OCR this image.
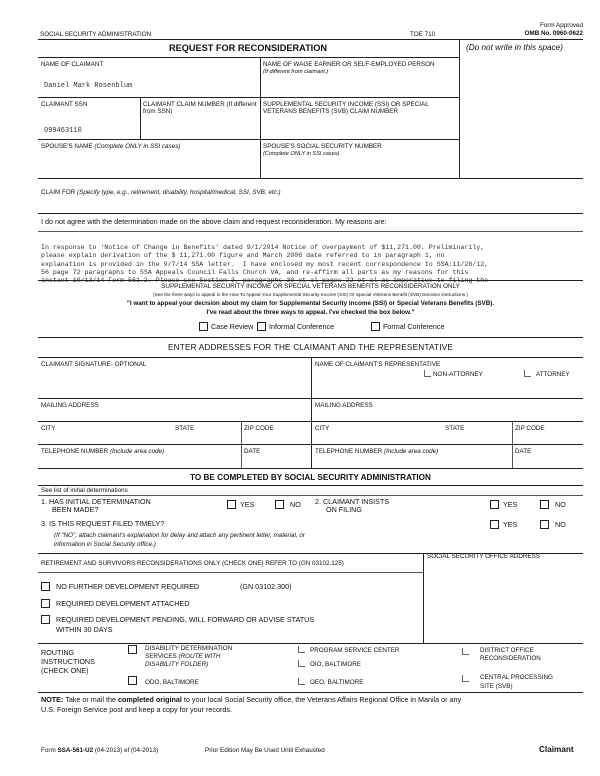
SOCIAL SECURITY ADMINISTRATION	TOE 710
Form Approved
OMB No. 0960-0622
REQUEST FOR RECONSIDERATION	(Do not write in this space)
NAME OF CLAIMANT
Daniel Mark Rosenblum
NAME OF WAGE EARNER OR SELF-EMPLOYED PERSON
(If different from claimant.)
CLAIMANT SSN
099463110
CLAIMANT CLAIM NUMBER (If different from SSN)
SUPPLEMENTAL SECURITY INCOME (SSI) OR SPECIAL VETERANS BENEFITS (SVB) CLAIM NUMBER
SPOUSE'S NAME (Complete ONLY in SSI cases)	SPOUSE'S SOCIAL SECURITY NUMBER
(Complete ONLY in SSI cases)
CLAIM FOR (Specify type, e.g., retirement, disability, hospital/medical, SSI, SVB, etc.)
I do not agree with the determination made on the above claim and request reconsideration. My reasons are:

In response to 'Notice of Change in Benefits' dated 9/1/2014 Notice of overpayment of $11,271.00. Preliminarily,
please explain derivation of the $ 11,271.00 figure and March 2006 date referred to in paragraph 1, no
explanation is provided in the 9/7/14 SSA letter.  I have enclosed my most recent correspondence to SSA:11/28/12,
56 page 72 paragraphs to SSA Appeals Council Falls Church VA, and re-affirm all parts as my reasons for this
instant 10/13/14 Form 561.2. Please see Section 3, paragraphs 30 et al pages 22 et al as imperative to filing the

SUPPLEMENTAL SECURITY INCOME OR SPECIAL VETERANS BENEFITS RECONSIDERATION ONLY
(See the three ways to appeal in the How To Appeal Your Supplemental Security Income (SSI) Or Special Veterans Benefit (SVB) Decision instructions.)
"I want to appeal your decision about my claim for Supplemental Security Income (SSI) or Special Veterans Benefits (SVB).
I've read about the three ways to appeal. I've checked the box below."
Case Review Informal Conference	Formal Conference
ENTER ADDRESSES FOR THE CLAIMANT AND THE REPRESENTATIVE
CLAIMANT SIGNATURE- OPTIONAL	NAME OF CLAIMANT'S REPRESENTATIVE
NON-ATTORNEY	ATTORNEY
MAILING ADDRESS	MAILING ADDRESS
CITY	STATE	ZIP CODE	CITY	STATE	ZIP CODE
TELEPHONE NUMBER (Include area code)	DATE	TELEPHONE NUMBER (Include area code)	DATE
TO BE COMPLETED BY SOCIAL SECURITY ADMINISTRATION
See list of initial determinations
1. HAS INITIAL DETERMINATION
BEEN MADE?
YES	NO 2. CLAIMANT INSISTS
ON FILING
YES	NO
3. IS THIS REQUEST FILED TIMELY?	YES	NO
(If "NO", attach claimant's explanation for delay and attach any pertinent letter, material, or
information in Social Security office.)
RETIREMENT AND SURVIVORS RECONSIDERATIONS ONLY (CHECK ONE) REFER TO (GN 03102.125)
SOCIAL SECURITY OFFICE ADDRESS
NO FURTHER DEVELOPMENT REQUIRED	(GN 03102.300)
REQUIRED DEVELOPMENT ATTACHED
REQUIRED DEVELOPMENT PENDING, WILL FORWARD OR ADVISE STATUS
WITHIN 30 DAYS
ROUTING
INSTRUCTIONS
(CHECK ONE)
DISABILITY DETERMINATION
SERVICES (ROUTE WITH
DISABILITY FOLDER)
ODO, BALTIMORE
PROGRAM SERVICE CENTER
OIO, BALTIMORE
OEO, BALTIMORE
DISTRICT OFFICE
RECONSIDERATION
CENTRAL PROCESSING
SITE (SVB)
NOTE: Take or mail the completed original to your local Social Security office, the Veterans Affairs Regional Office in Manila or any
U.S. Foreign Service post and keep a copy for your records.
Form SSA-561-U2 (04-2013) ef (04-2013)	Prior Edition May Be Used Until Exhausted	Claimant
